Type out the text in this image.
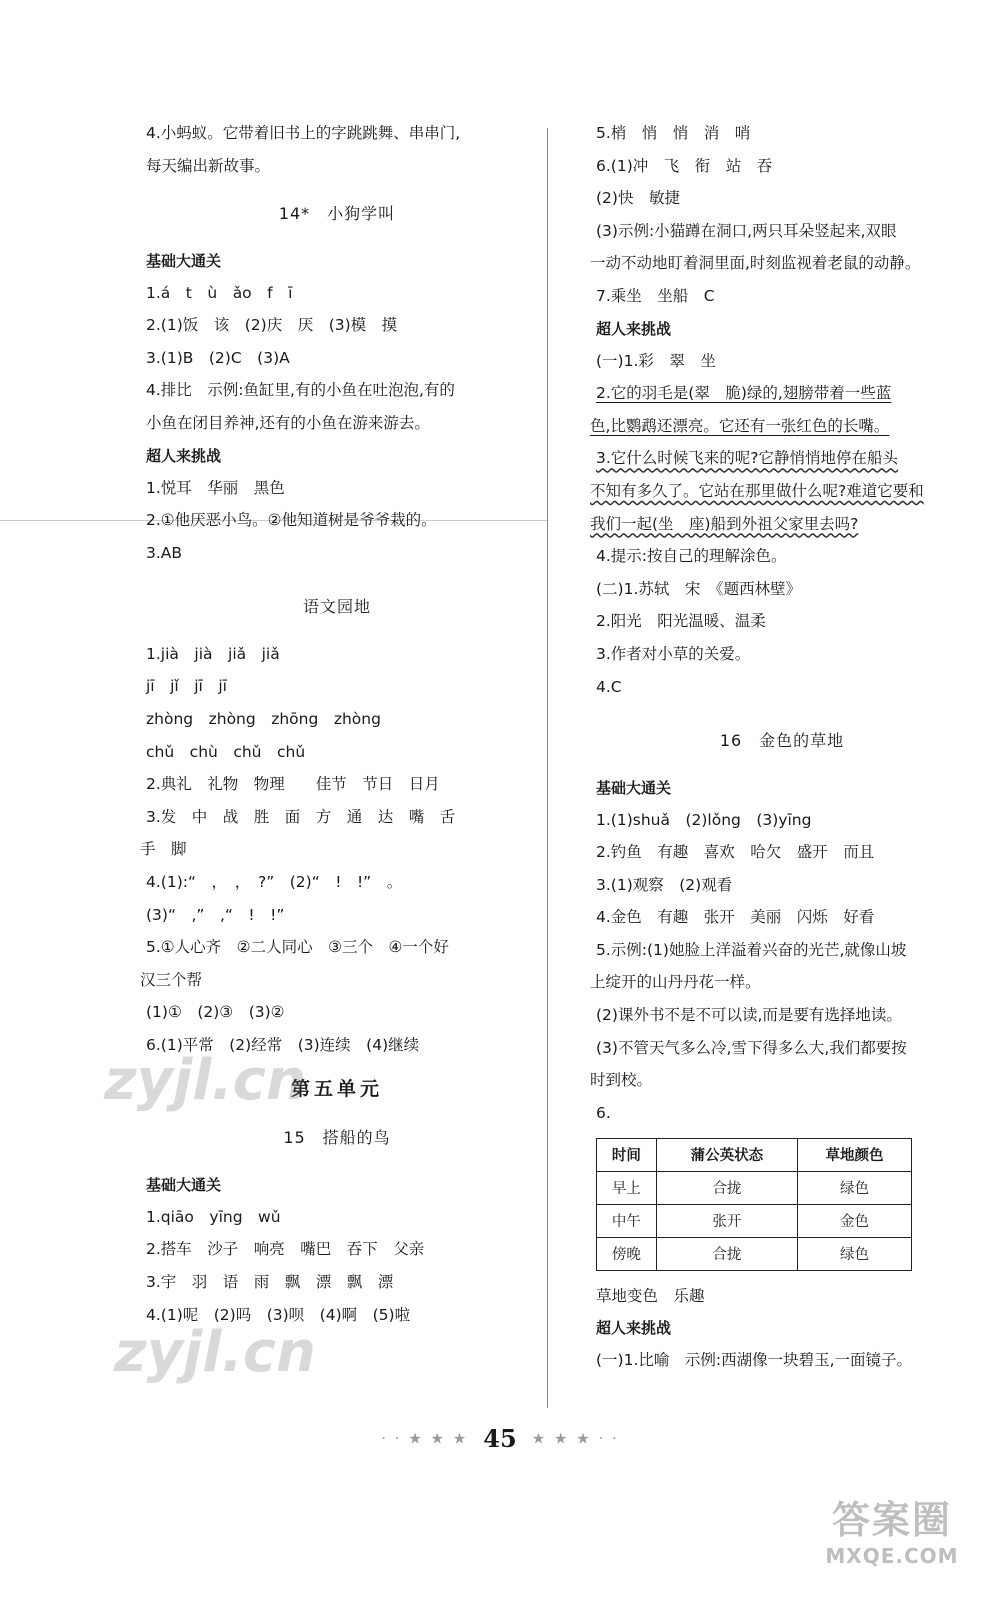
4.小蚂蚁。它带着旧书上的字跳跳舞、串串门,

每天编出新故事。

14*　小狗学叫
基础大通关

1.á　t　ù　ǎo　f　ī

2.(1)饭　该　(2)庆　厌　(3)模　摸

3.(1)B　(2)C　(3)A

4.排比　示例:鱼缸里,有的小鱼在吐泡泡,有的

小鱼在闭目养神,还有的小鱼在游来游去。

超人来挑战

1.悦耳　华丽　黑色

2.①他厌恶小鸟。②他知道树是爷爷栽的。

3.AB

语文园地

1.jià　jià　jiǎ　jiǎ

jī　jǐ　jī　jī

zhòng　zhòng　zhōng　zhòng

chǔ　chù　chǔ　chǔ

2.典礼　礼物　物理　　佳节　节日　日月

3.发　中　战　胜　面　方　通　达　嘴　舌

手　脚

4.(1):“　，　，　?”　(2)“　!　!”　。

(3)“　,”　,“　!　!”

5.①人心齐　②二人同心　③三个　④一个好

汉三个帮

(1)①　(2)③　(3)②

6.(1)平常　(2)经常　(3)连续　(4)继续

第五单元
15　搭船的鸟
基础大通关

1.qiāo　yīng　wǔ

2.搭车　沙子　响亮　嘴巴　吞下　父亲

3.宇　羽　语　雨　飘　漂　飘　漂

4.(1)呢　(2)吗　(3)呗　(4)啊　(5)啦

5.梢　悄　悄　消　哨

6.(1)冲　飞　衔　站　吞

(2)快　敏捷

(3)示例:小猫蹲在洞口,两只耳朵竖起来,双眼

一动不动地盯着洞里面,时刻监视着老鼠的动静。

7.乘坐　坐船　C

超人来挑战

(一)1.彩　翠　坐

2.它的羽毛是(翠　脆)绿的,翅膀带着一些蓝

色,比鹦鹉还漂亮。它还有一张红色的长嘴。

3.它什么时候飞来的呢?它静悄悄地停在船头

不知有多久了。它站在那里做什么呢?难道它要和

我们一起(坐　座)船到外祖父家里去吗?

4.提示:按自己的理解涂色。

(二)1.苏轼　宋　《题西林壁》

2.阳光　阳光温暖、温柔

3.作者对小草的关爱。

4.C

16　金色的草地
基础大通关

1.(1)shuǎ　(2)lǒng　(3)yīng

2.钓鱼　有趣　喜欢　哈欠　盛开　而且

3.(1)观察　(2)观看

4.金色　有趣　张开　美丽　闪烁　好看

5.示例:(1)她脸上洋溢着兴奋的光芒,就像山坡

上绽开的山丹丹花一样。

(2)课外书不是不可以读,而是要有选择地读。

(3)不管天气多么冷,雪下得多么大,我们都要按

时到校。

6.

时间	蒲公英状态	草地颜色
早上	合拢	绿色
中午	张开	金色
傍晚	合拢	绿色

草地变色　乐趣

超人来挑战

(一)1.比喻　示例:西湖像一块碧玉,一面镜子。

· · ★ ★ ★ 45 ★ ★ ★ · ·
zyjl.cn
zyjl.cn
答案圈
MXQE.COM
